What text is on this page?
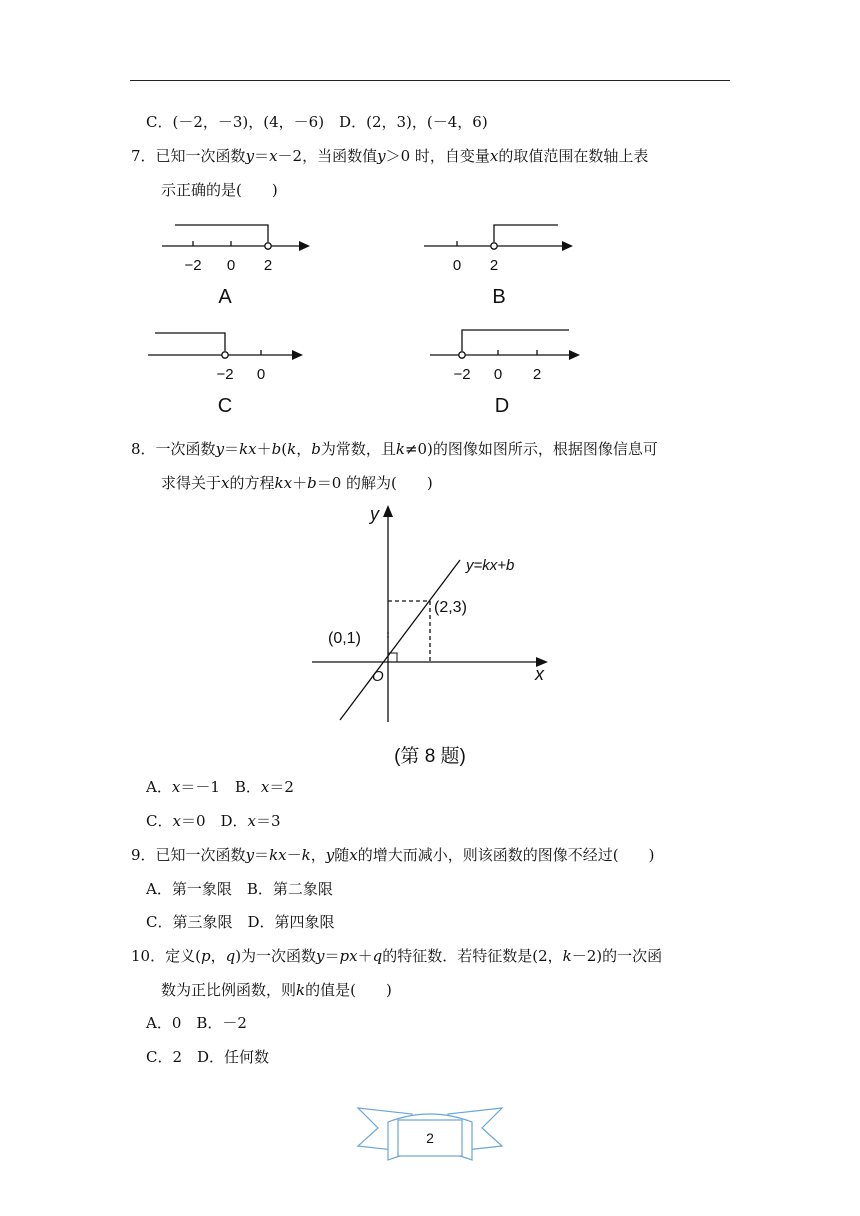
C．(－2，－3)，(4，－6)　D．(2，3)，(－4，6)
7．已知一次函数y＝x－2，当函数值y＞0 时，自变量x的取值范围在数轴上表
示正确的是(　　)
−2 0 2	0 2
−2 0	−2 0 2
A	B
C	D
8．一次函数y＝kx＋b(k，b为常数，且k≠0)的图像如图所示，根据图像信息可
求得关于x的方程kx＋b＝0 的解为(　　)
y
x
O
y=kx+b
(0,1)
(2,3)
(第 8 题)
A．x＝－1　B．x＝2
C．x＝0　D．x＝3
9．已知一次函数y＝kx－k，y随x的增大而减小，则该函数的图像不经过(　　)
A．第一象限　B．第二象限
C．第三象限　D．第四象限
10．定义(p，q)为一次函数y＝px＋q的特征数．若特征数是(2，k－2)的一次函
数为正比例函数，则k的值是(　　)
A．0　B．－2
C．2　D．任何数
2
